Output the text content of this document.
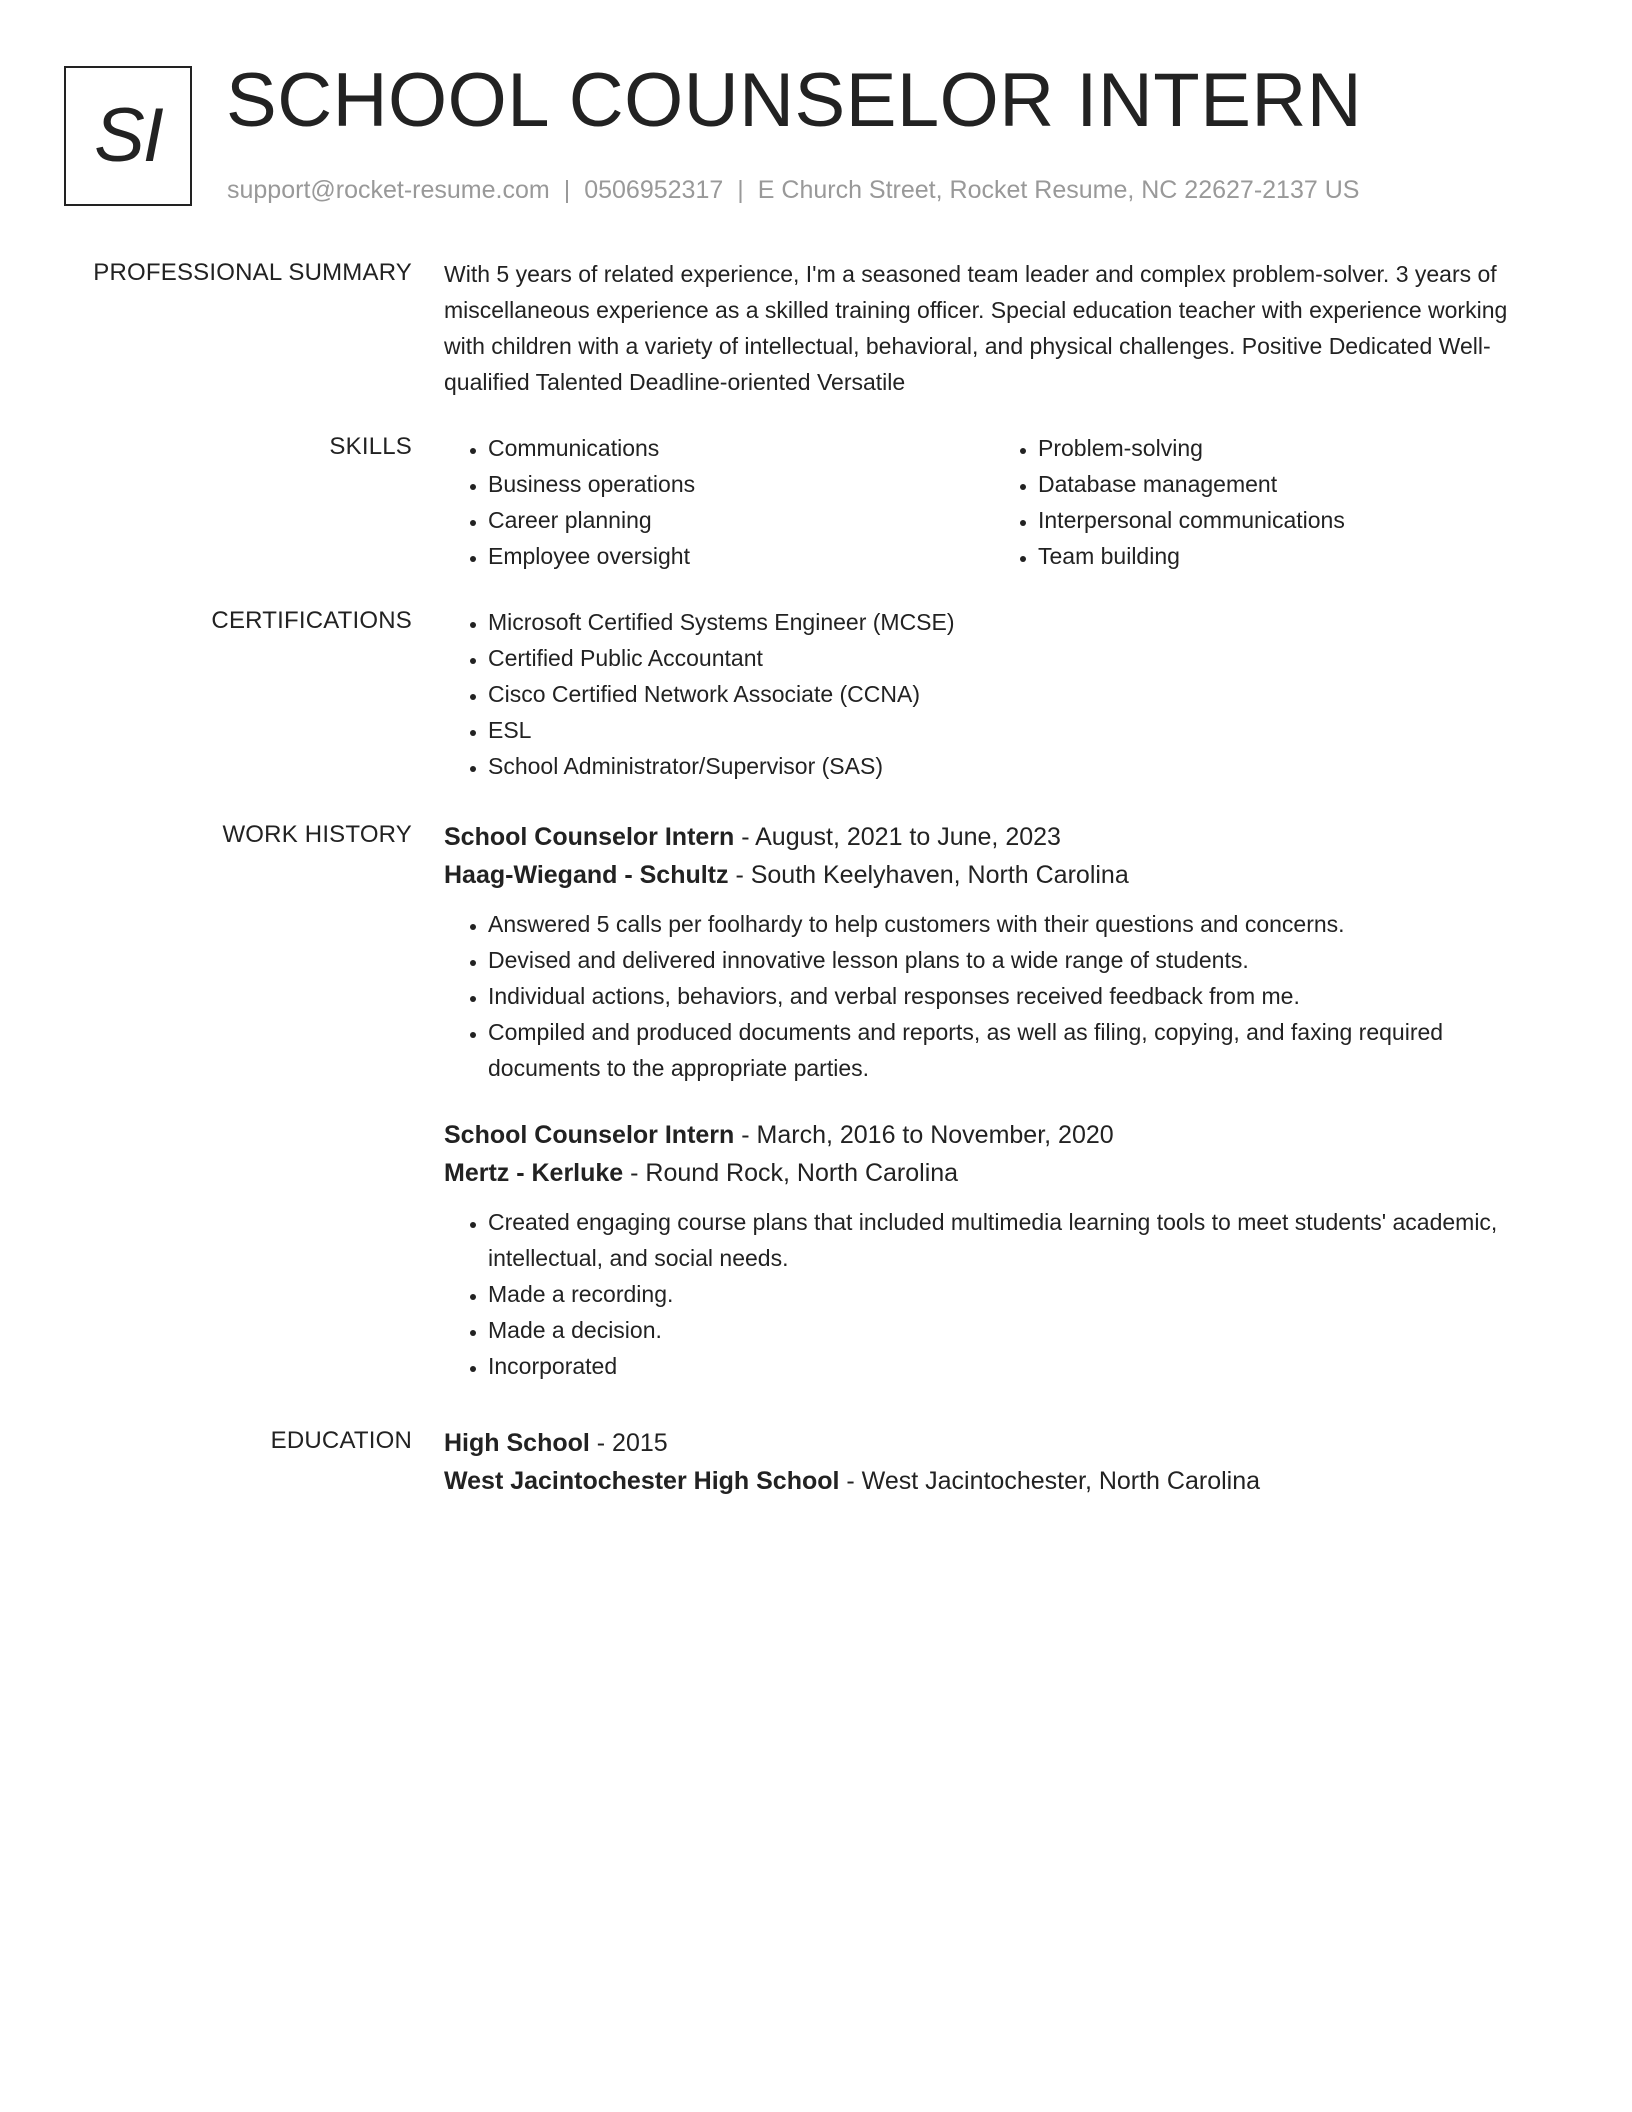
SI SCHOOL COUNSELOR INTERN
support@rocket-resume.com | 0506952317 | E Church Street, Rocket Resume, NC 22627-2137 US
PROFESSIONAL SUMMARY With 5 years of related experience, I'm a seasoned team leader and complex problem-solver. 3 years of miscellaneous experience as a skilled training officer. Special education teacher with experience working with children with a variety of intellectual, behavioral, and physical challenges. Positive Dedicated Well-qualified Talented Deadline-oriented Versatile

SKILLS	• Communications
• Business operations
• Career planning
• Employee oversight
• Problem-solving
• Database management
• Interpersonal communications
• Team building
CERTIFICATIONS	• Microsoft Certified Systems Engineer (MCSE)
• Certified Public Accountant
• Cisco Certified Network Associate (CCNA)
• ESL
• School Administrator/Supervisor (SAS)
WORK HISTORY School Counselor Intern - August, 2021 to June, 2023
Haag-Wiegand - Schultz - South Keelyhaven, North Carolina
• Answered 5 calls per foolhardy to help customers with their questions and concerns.
• Devised and delivered innovative lesson plans to a wide range of students.
• Individual actions, behaviors, and verbal responses received feedback from me.
• Compiled and produced documents and reports, as well as filing, copying, and faxing required documents to the appropriate parties.
School Counselor Intern - March, 2016 to November, 2020
Mertz - Kerluke - Round Rock, North Carolina
• Created engaging course plans that included multimedia learning tools to meet students' academic, intellectual, and social needs.
• Made a recording.
• Made a decision.
• Incorporated
EDUCATION High School - 2015
West Jacintochester High School - West Jacintochester, North Carolina
